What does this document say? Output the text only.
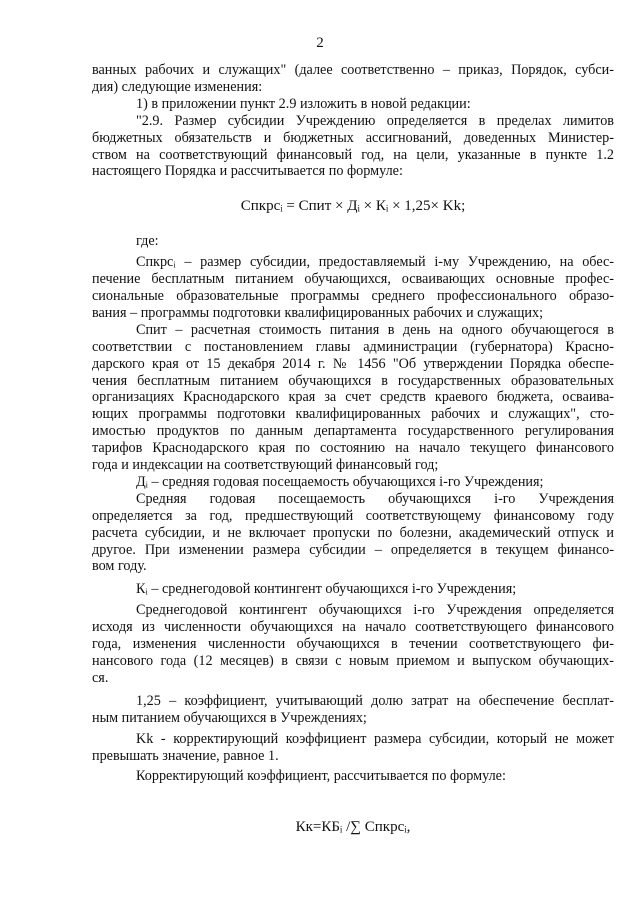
2

ванных рабочих и служащих" (далее соответственно – приказ, Порядок, субси-

дия) следующие изменения:

1) в приложении пункт 2.9 изложить в новой редакции:

"2.9. Размер субсидии Учреждению определяется в пределах лимитов

бюджетных обязательств и бюджетных ассигнований, доведенных Министер-

ством на соответствующий финансовый год, на цели, указанные в пункте 1.2

настоящего Порядка и рассчитывается по формуле:

Спкрсᵢ = Спит × Дᵢ × Кᵢ × 1,25× Kk;

где:

Спкрсᵢ – размер субсидии, предоставляемый i-му Учреждению, на обес-

печение бесплатным питанием обучающихся, осваивающих основные профес-

сиональные образовательные программы среднего профессионального образо-

вания – программы подготовки квалифицированных рабочих и служащих;

Спит – расчетная стоимость питания в день на одного обучающегося в

соответствии с постановлением главы администрации (губернатора) Красно-

дарского края от 15 декабря 2014 г. № 1456 "Об утверждении Порядка обеспе-

чения бесплатным питанием обучающихся в государственных образовательных

организациях Краснодарского края за счет средств краевого бюджета, осваива-

ющих программы подготовки квалифицированных рабочих и служащих", сто-

имостью продуктов по данным департамента государственного регулирования

тарифов Краснодарского края по состоянию на начало текущего финансового

года и индексации на соответствующий финансовый год;

Дᵢ – средняя годовая посещаемость обучающихся i-го Учреждения;

Средняя годовая посещаемость обучающихся i-го Учреждения

определяется за год, предшествующий соответствующему финансовому году

расчета субсидии, и не включает пропуски по болезни, академический отпуск и

другое. При изменении размера субсидии – определяется в текущем финансо-

вом году.

Кᵢ – среднегодовой контингент обучающихся i-го Учреждения;

Среднегодовой контингент обучающихся i-го Учреждения определяется

исходя из численности обучающихся на начало соответствующего финансового

года, изменения численности обучающихся в течении соответствующего фи-

нансового года (12 месяцев) в связи с новым приемом и выпуском обучающих-

ся.

1,25 – коэффициент, учитывающий долю затрат на обеспечение бесплат-

ным питанием обучающихся в Учреждениях;

Kk - корректирующий коэффициент размера субсидии, который не может

превышать значение, равное 1.

Корректирующий коэффициент, рассчитывается по формуле:

Кк=КБᵢ /∑ Спкрсᵢ,
